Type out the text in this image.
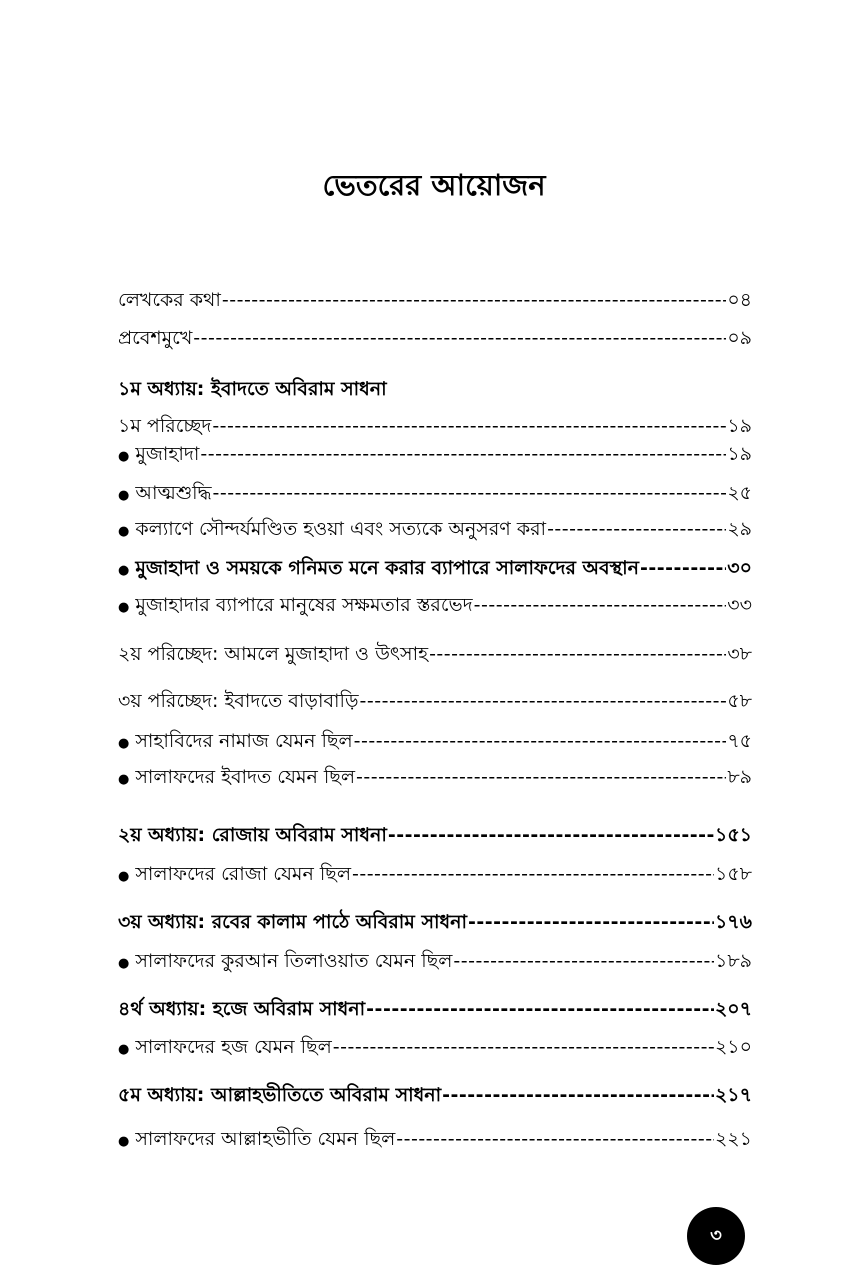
ভেতরের আয়োজন
লেখকের কথা -----	০৪
প্রবেশমুখে -----	০৯
১ম অধ্যায়: ইবাদতে অবিরাম সাধনা
১ম পরিচ্ছেদ -----	১৯
● মুজাহাদা -----	১৯
● আত্মশুদ্ধি -----	২৫
● কল্যাণে সৌন্দর্যমণ্ডিত হওয়া এবং সত্যকে অনুসরণ করা -----	২৯
● মুজাহাদা ও সময়কে গনিমত মনে করার ব্যাপারে সালাফদের অবস্থান -----	৩০
● মুজাহাদার ব্যাপারে মানুষের সক্ষমতার স্তরভেদ -----	৩৩
২য় পরিচ্ছেদ: আমলে মুজাহাদা ও উৎসাহ -----	৩৮
৩য় পরিচ্ছেদ: ইবাদতে বাড়াবাড়ি -----	৫৮
● সাহাবিদের নামাজ যেমন ছিল -----	৭৫
● সালাফদের ইবাদত যেমন ছিল -----	৮৯
২য় অধ্যায়: রোজায় অবিরাম সাধনা -----	১৫১
● সালাফদের রোজা যেমন ছিল -----	১৫৮
৩য় অধ্যায়: রবের কালাম পাঠে অবিরাম সাধনা -----	১৭৬
● সালাফদের কুরআন তিলাওয়াত যেমন ছিল -----	১৮৯
৪র্থ অধ্যায়: হজে অবিরাম সাধনা -----	২০৭
● সালাফদের হজ যেমন ছিল -----	২১০
৫ম অধ্যায়: আল্লাহভীতিতে অবিরাম সাধনা -----	২১৭
● সালাফদের আল্লাহভীতি যেমন ছিল -----	২২১
৩
